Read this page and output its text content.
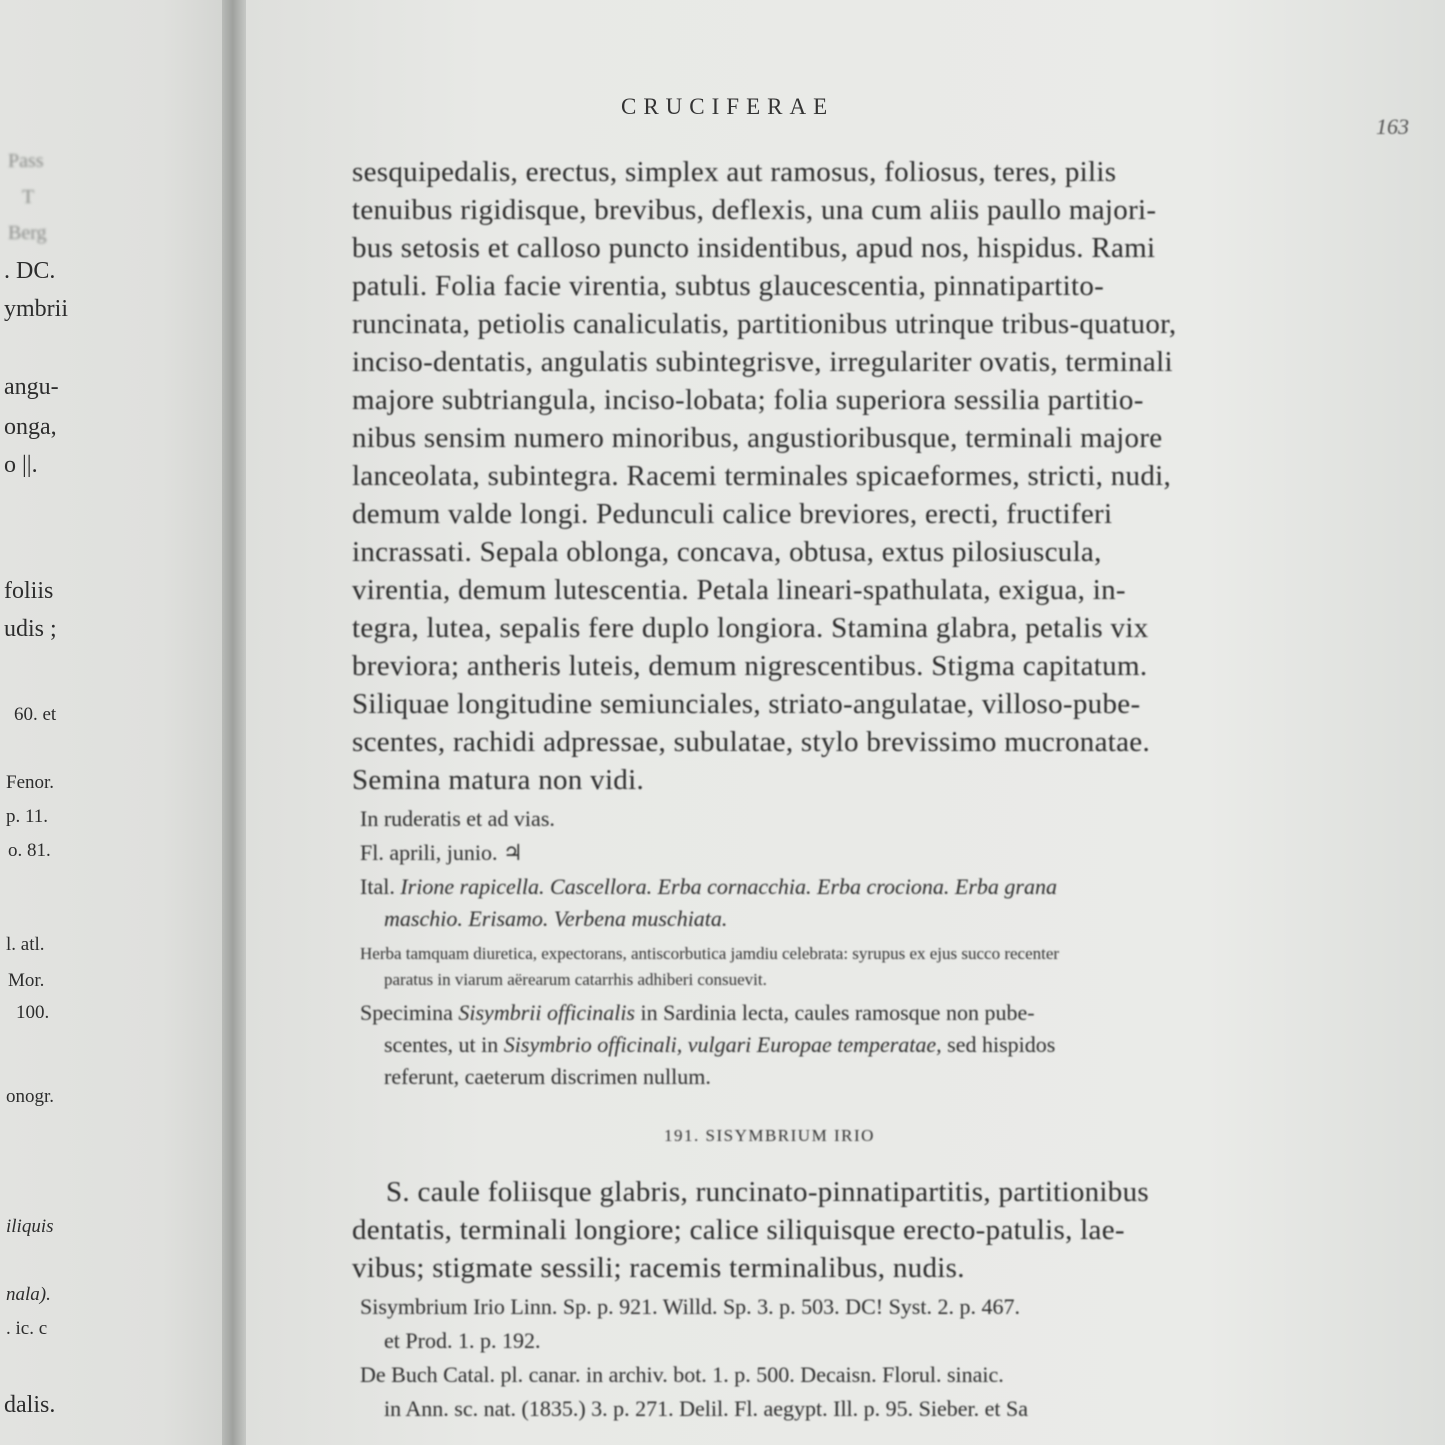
Pass
T
Berg
. DC.
ymbrii
angu-
onga,
o ||.
foliis
udis ;
60. et
Fenor.
p. 11.
o. 81.
l. atl.
Mor.
100.
onogr.
iliquis
nala).
. ic. c
dalis.
CRUCIFERAE
163
sesquipedalis, erectus, simplex aut ramosus, foliosus, teres, pilis
tenuibus rigidisque, brevibus, deflexis, una cum aliis paullo majori-
bus setosis et calloso puncto insidentibus, apud nos, hispidus. Rami
patuli. Folia facie virentia, subtus glaucescentia, pinnatipartito-
runcinata, petiolis canaliculatis, partitionibus utrinque tribus-quatuor,
inciso-dentatis, angulatis subintegrisve, irregulariter ovatis, terminali
majore subtriangula, inciso-lobata; folia superiora sessilia partitio-
nibus sensim numero minoribus, angustioribusque, terminali majore
lanceolata, subintegra. Racemi terminales spicaeformes, stricti, nudi,
demum valde longi. Pedunculi calice breviores, erecti, fructiferi
incrassati. Sepala oblonga, concava, obtusa, extus pilosiuscula,
virentia, demum lutescentia. Petala lineari-spathulata, exigua, in-
tegra, lutea, sepalis fere duplo longiora. Stamina glabra, petalis vix
breviora; antheris luteis, demum nigrescentibus. Stigma capitatum.
Siliquae longitudine semiunciales, striato-angulatae, villoso-pube-
scentes, rachidi adpressae, subulatae, stylo brevissimo mucronatae.
Semina matura non vidi.
In ruderatis et ad vias.
Fl. aprili, junio. ♃
Ital. Irione rapicella. Cascellora. Erba cornacchia. Erba crociona. Erba grana
maschio. Erisamo. Verbena muschiata.
Herba tamquam diuretica, expectorans, antiscorbutica jamdiu celebrata: syrupus ex ejus succo recenter
paratus in viarum aërearum catarrhis adhiberi consuevit.
Specimina Sisymbrii officinalis in Sardinia lecta, caules ramosque non pube-
scentes, ut in Sisymbrio officinali, vulgari Europae temperatae, sed hispidos
referunt, caeterum discrimen nullum.
191. SISYMBRIUM IRIO
S. caule foliisque glabris, runcinato-pinnatipartitis, partitionibus
dentatis, terminali longiore; calice siliquisque erecto-patulis, lae-
vibus; stigmate sessili; racemis terminalibus, nudis.
Sisymbrium Irio Linn. Sp. p. 921. Willd. Sp. 3. p. 503. DC! Syst. 2. p. 467.
et Prod. 1. p. 192.
De Buch Catal. pl. canar. in archiv. bot. 1. p. 500. Decaisn. Florul. sinaic.
in Ann. sc. nat. (1835.) 3. p. 271. Delil. Fl. aegypt. Ill. p. 95. Sieber. et Sa
